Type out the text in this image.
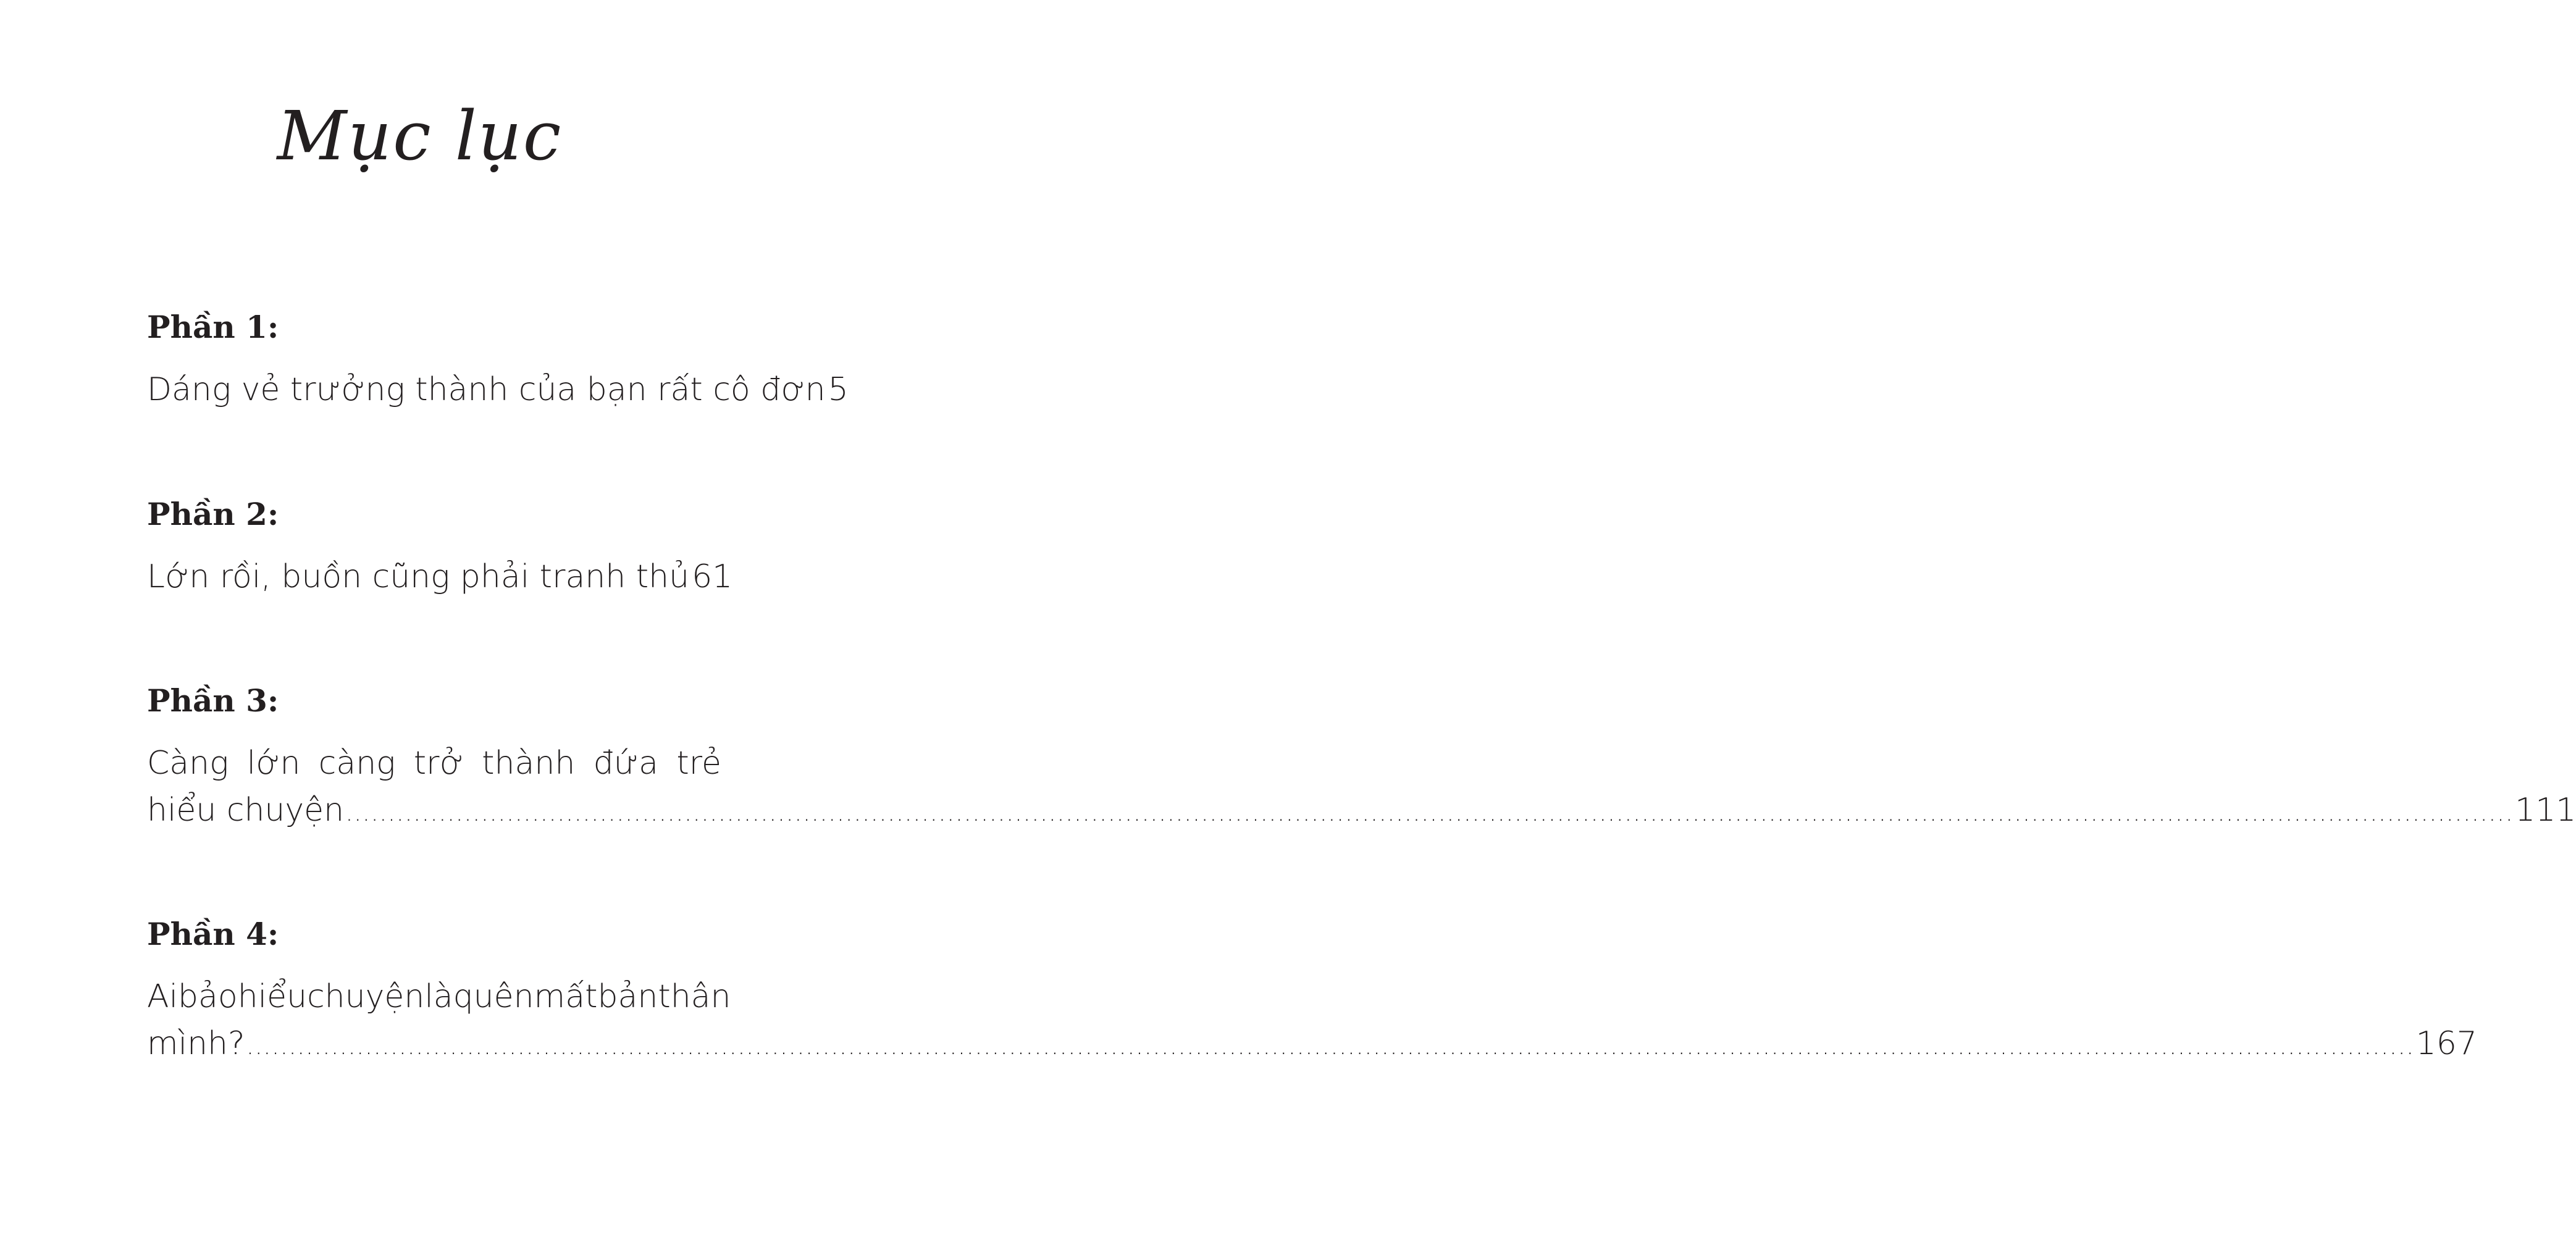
Mục lục
Phần 1:
Dáng vẻ trưởng thành của bạn rất cô đơn 5
Phần 2:
Lớn rồi, buồn cũng phải tranh thủ 61
Phần 3:
Càng lớn càng trở thành đứa trẻ
hiểu chuyện .....	111
Phần 4:
Ai bảo hiểu chuyện là quên mất bản thân
mình? .....	167
